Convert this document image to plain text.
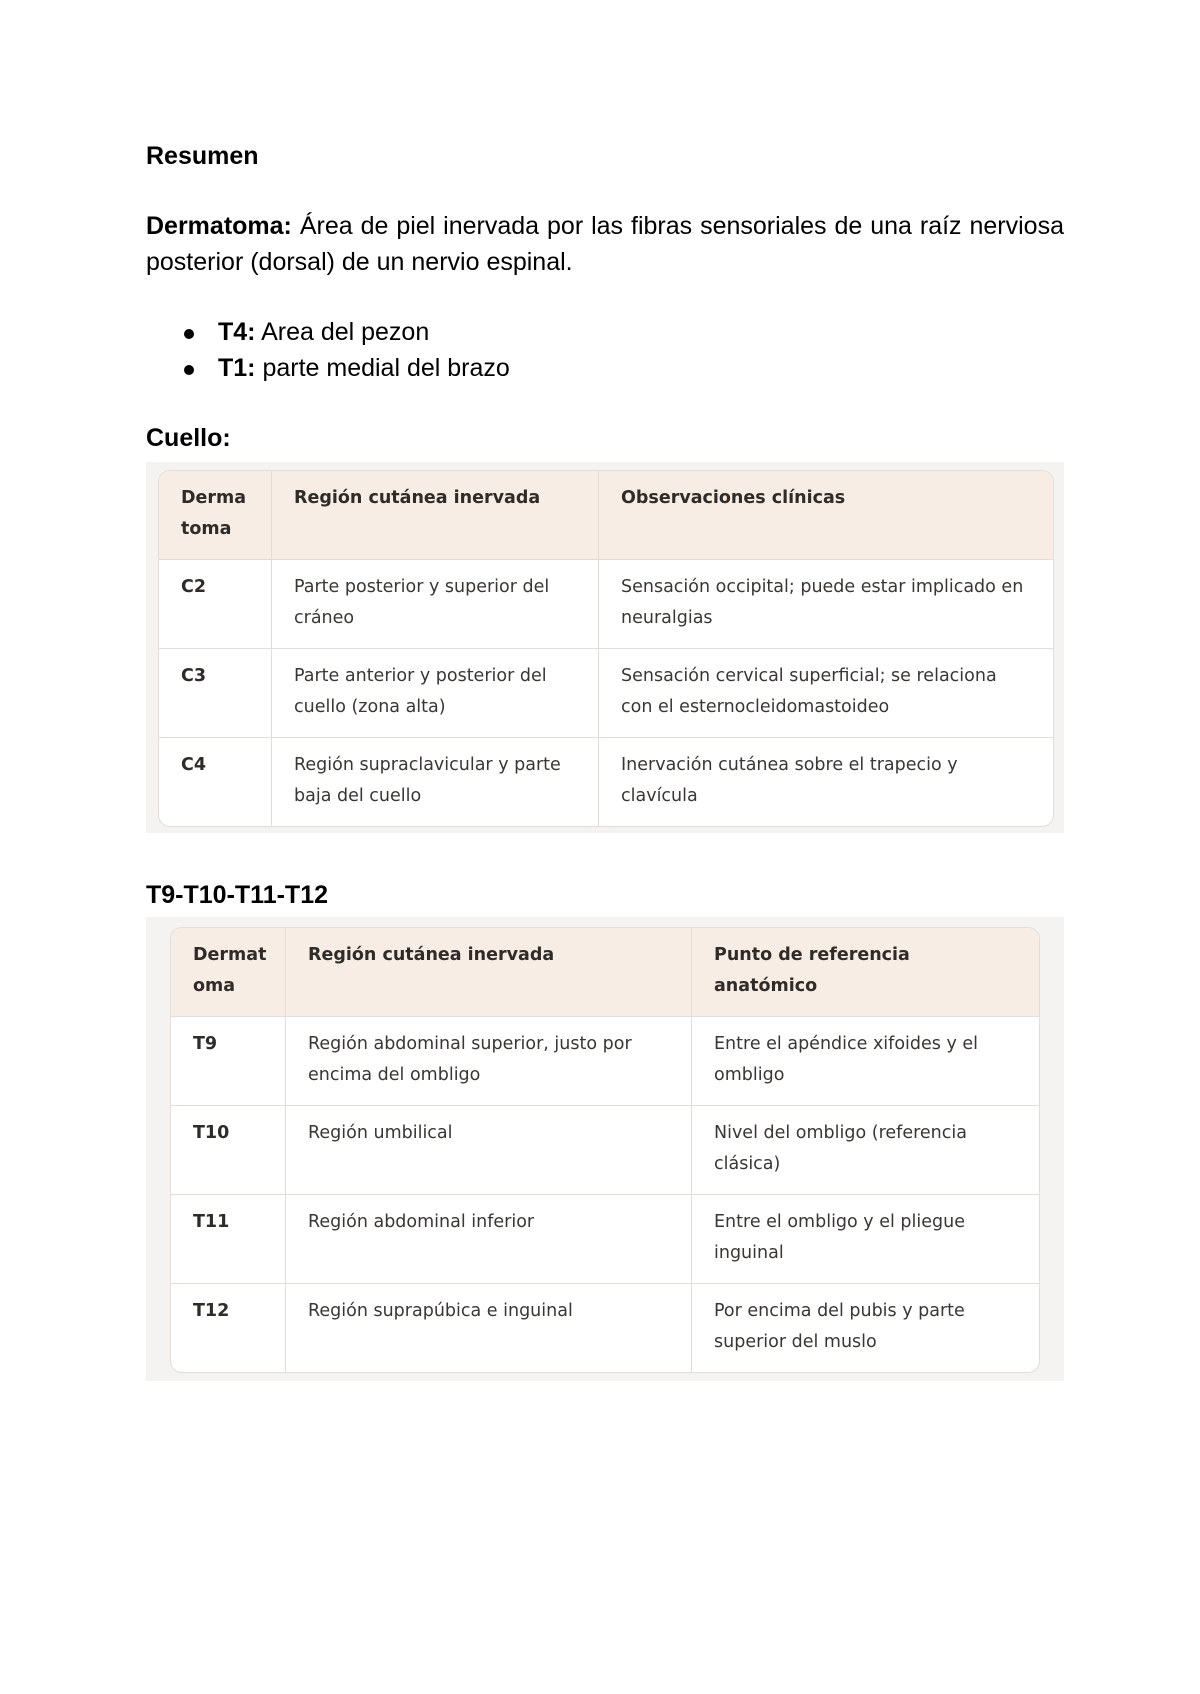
Resumen

Dermatoma: Área de piel inervada por las fibras sensoriales de una raíz nerviosa posterior (dorsal) de un nervio espinal.

T4: Area del pezon
T1: parte medial del brazo

Cuello:

Derma toma	Región cutánea inervada	Observaciones clínicas
C2	Parte posterior y superior del cráneo	Sensación occipital; puede estar implicado en neuralgias
C3	Parte anterior y posterior del cuello (zona alta)	Sensación cervical superficial; se relaciona con el esternocleidomastoideo
C4	Región supraclavicular y parte baja del cuello	Inervación cutánea sobre el trapecio y clavícula

T9-T10-T11-T12

Dermat oma	Región cutánea inervada	Punto de referencia anatómico
T9	Región abdominal superior, justo por encima del ombligo	Entre el apéndice xifoides y el ombligo
T10	Región umbilical	Nivel del ombligo (referencia clásica)
T11	Región abdominal inferior	Entre el ombligo y el pliegue inguinal
T12	Región suprapúbica e inguinal	Por encima del pubis y parte superior del muslo
